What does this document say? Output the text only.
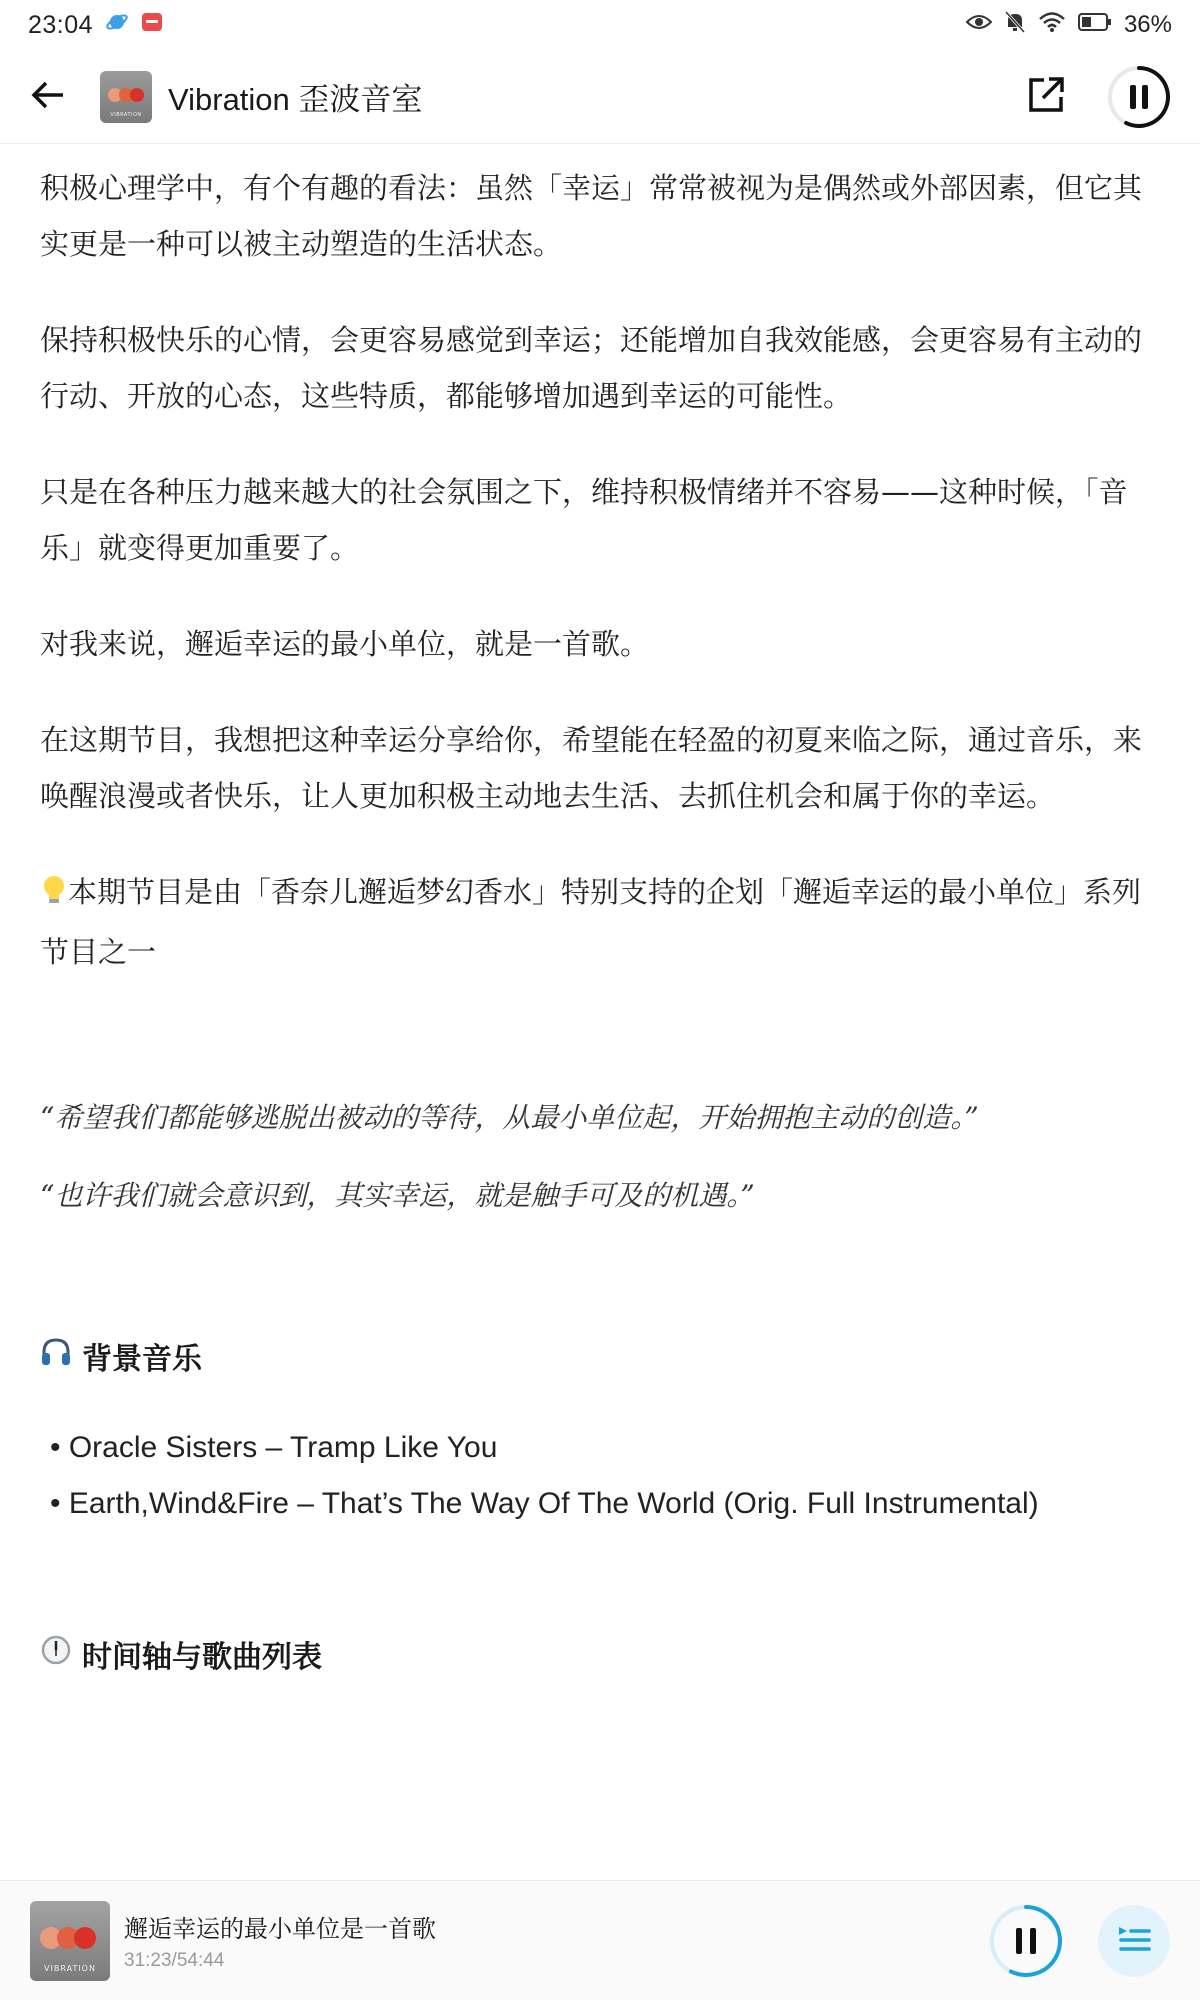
23:04	36%
VIBRATION Vibration 歪波音室

积极心理学中，有个有趣的看法：虽然「幸运」常常被视为是偶然或外部因素，但它其实更是一种可以被主动塑造的生活状态。

保持积极快乐的心情，会更容易感觉到幸运；还能增加自我效能感，会更容易有主动的行动、开放的心态，这些特质，都能够增加遇到幸运的可能性。

只是在各种压力越来越大的社会氛围之下，维持积极情绪并不容易——这种时候，「音乐」就变得更加重要了。

对我来说，邂逅幸运的最小单位，就是一首歌。

在这期节目，我想把这种幸运分享给你，希望能在轻盈的初夏来临之际，通过音乐，来唤醒浪漫或者快乐，让人更加积极主动地去生活、去抓住机会和属于你的幸运。

本期节目是由「香奈儿邂逅梦幻香水」特别支持的企划「邂逅幸运的最小单位」系列节目之一

“希望我们都能够逃脱出被动的等待，从最小单位起，开始拥抱主动的创造。”

“也许我们就会意识到，其实幸运，就是触手可及的机遇。”

背景音乐
• Oracle Sisters – Tramp Like You
• Earth,Wind&Fire – That’s The Way Of The World (Orig. Full Instrumental)
时间轴与歌曲列表
VIBRATION
邂逅幸运的最小单位是一首歌
31:23/54:44
